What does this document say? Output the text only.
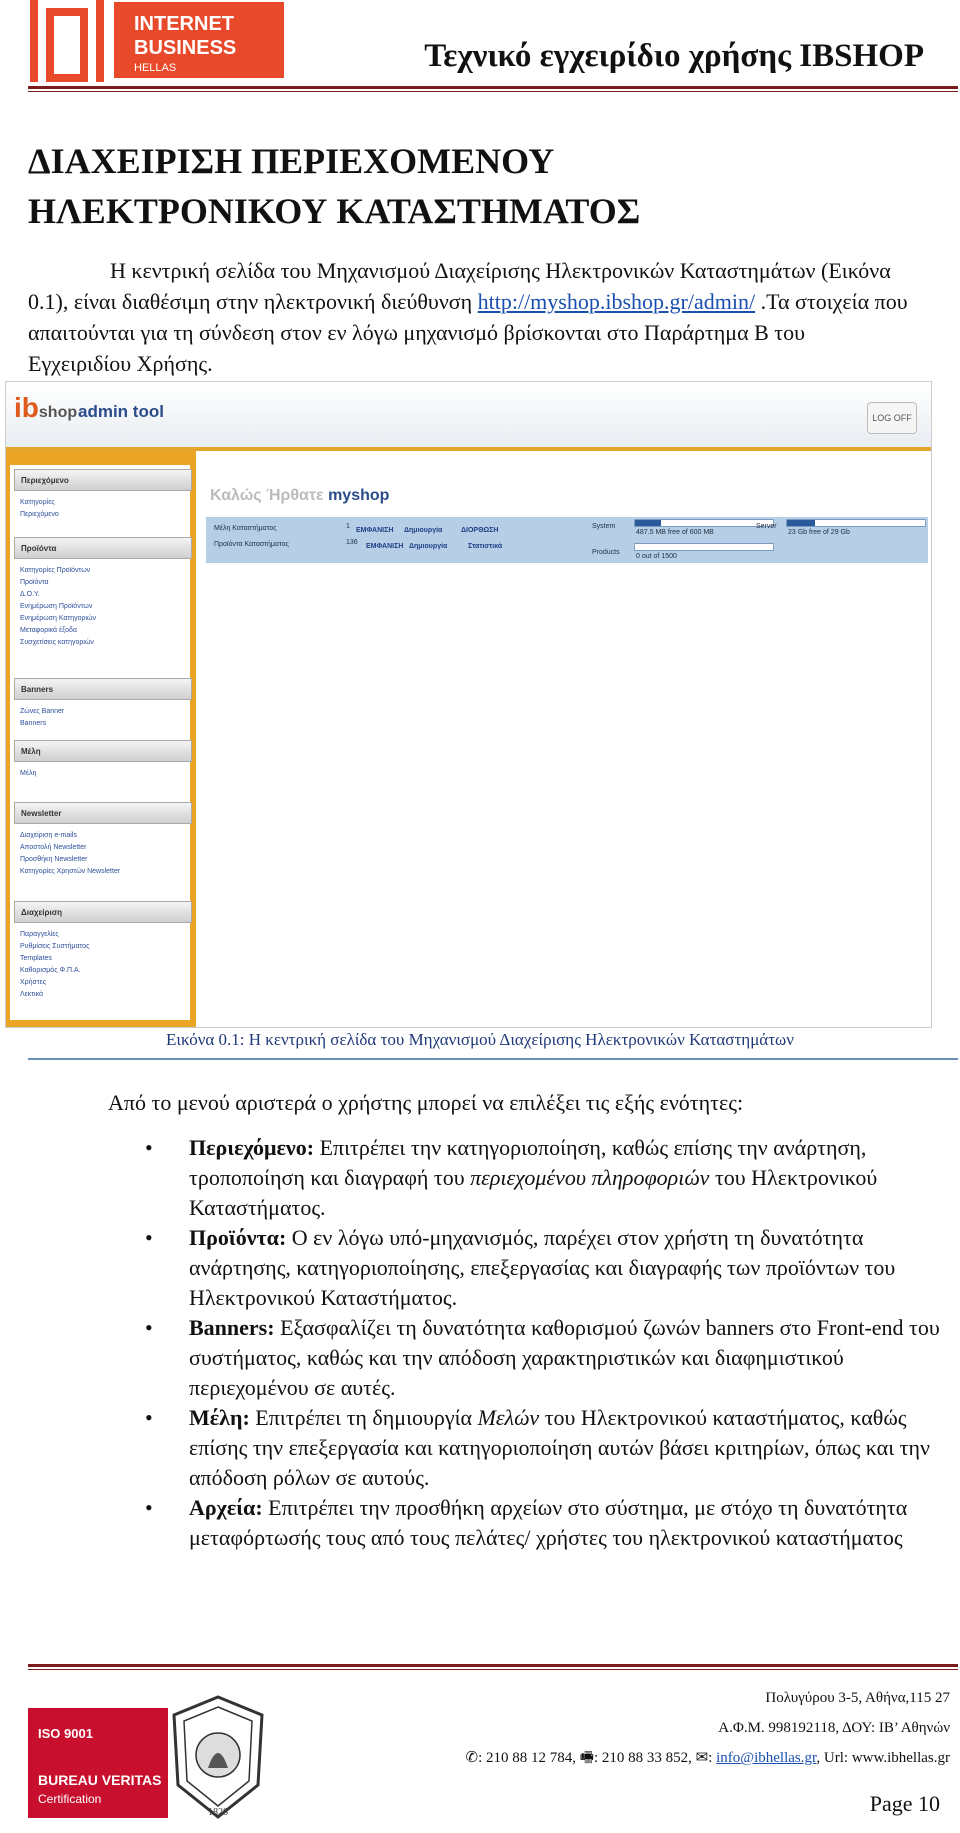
INTERNET
BUSINESS
HELLAS	Τεχνικό εγχειρίδιο χρήσης IBSHOP
ΔΙΑΧΕΙΡΙΣΗ ΠΕΡΙΕΧΟΜΕΝΟΥ
ΗΛΕΚΤΡΟΝΙΚΟΥ ΚΑΤΑΣΤΗΜΑΤΟΣ
Η κεντρική σελίδα του Μηχανισμού Διαχείρισης Ηλεκτρονικών Καταστημάτων (Εικόνα 0.1), είναι διαθέσιμη στην ηλεκτρονική διεύθυνση http://myshop.ibshop.gr/admin/ .Τα στοιχεία που απαιτούνται για τη σύνδεση στον εν λόγω μηχανισμό βρίσκονται στο Παράρτημα Β του Εγχειριδίου Χρήσης.
ibshop admin tool	LOG OFF
Περιεχόμενο
Κατηγορίες
Περιεχόμενο
Προϊόντα
Κατηγορίες Προϊόντων
Προϊόντα
Δ.Ο.Υ.
Ενημέρωση Προϊόντων
Ενημέρωση Κατηγοριών
Μεταφορικά έξοδα
Συσχετίσεις κατηγοριών
Banners
Ζώνες Banner
Banners
Μέλη
Μέλη
Newsletter
Διαχείριση e-mails
Αποστολή Newsletter
Προσθήκη Newsletter
Κατηγορίες Χρηστών Newsletter
Διαχείριση
Παραγγελίες
Ρυθμίσεις Συστήματος
Templates
Καθορισμός Φ.Π.Α.
Χρήστες
Λεκτικά
Καλώς Ήρθατε myshop
Μέλη Καταστήματος	1
ΕΜΦΑΝΙΣΗ Δημιουργία	ΔΙΟΡΘΩΣΗ
Προϊόντα Καταστήματος	136
ΕΜΦΑΝΙΣΗ Δημιουργία	Στατιστικά
System
487.5 MB free of 600 MB
Server
23 Gb free of 29 Gb
Products
0 out of 1500
Εικόνα 0.1: Η κεντρική σελίδα του Μηχανισμού Διαχείρισης Ηλεκτρονικών Καταστημάτων
Από το μενού αριστερά ο χρήστης μπορεί να επιλέξει τις εξής ενότητες:
• Περιεχόμενο: Επιτρέπει την κατηγοριοποίηση, καθώς επίσης την ανάρτηση, τροποποίηση και διαγραφή του περιεχομένου πληροφοριών του Ηλεκτρονικού Καταστήματος.
• Προϊόντα: Ο εν λόγω υπό-μηχανισμός, παρέχει στον χρήστη τη δυνατότητα ανάρτησης, κατηγοριοποίησης, επεξεργασίας και διαγραφής των προϊόντων του Ηλεκτρονικού Καταστήματος.
• Banners: Εξασφαλίζει τη δυνατότητα καθορισμού ζωνών banners στο Front-end του συστήματος, καθώς και την απόδοση χαρακτηριστικών και διαφημιστικού περιεχομένου σε αυτές.
• Μέλη: Επιτρέπει τη δημιουργία Μελών του Ηλεκτρονικού καταστήματος, καθώς επίσης την επεξεργασία και κατηγοριοποίηση αυτών βάσει κριτηρίων, όπως και την απόδοση ρόλων σε αυτούς.
• Αρχεία: Επιτρέπει την προσθήκη αρχείων στο σύστημα, με στόχο τη δυνατότητα μεταφόρτωσής τους από τους πελάτες/ χρήστες του ηλεκτρονικού καταστήματος
ISO 9001
BUREAU VERITAS
Certification
1828
Πολυγύρου 3-5, Αθήνα,115 27
Α.Φ.Μ. 998192118, ΔΟΥ: ΙΒ’ Αθηνών
✆: 210 88 12 784, 🖷: 210 88 33 852, ✉: info@ibhellas.gr, Url: www.ibhellas.gr
Page 10
